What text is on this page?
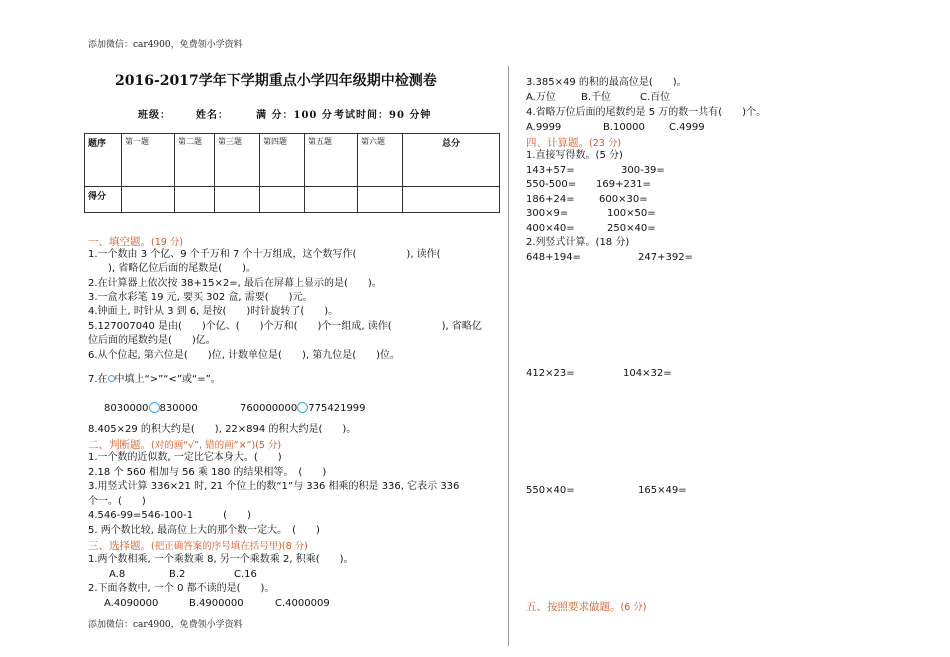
添加微信：car4900，免费领小学资料
添加微信：car4900，免费领小学资料
2016-2017学年下学期重点小学四年级期中检测卷
班级：	姓名：	满 分：100 分 考试时间：90 分钟
题序	第一题	第二题	第三题	第四题	第五题	第六题	总分
得分							
一、填空题。(19 分)
1.一个数由 3 个亿、9 个千万和 7 个十万组成，这个数写作(　　　　　), 读作(
　　), 省略亿位后面的尾数是(　　)。
2.在计算器上依次按 38+15×2=, 最后在屏幕上显示的是(　　)。
3.一盒水彩笔 19 元, 要买 302 盒, 需要(　　)元。
4.钟面上, 时针从 3 到 6, 是按(　　)时针旋转了(　　)。
5.127007040 是由(　　)个亿、(　　)个万和(　　)个一组成, 读作(　　　　　), 省略亿
位后面的尾数约是(　　)亿。
6.从个位起, 第六位是(　　)位, 计数单位是(　　), 第九位是(　　)位。
7.在 中填上“>”“<”或“=”。
8030000 830000	760000000 775421999
8.405×29 的积大约是(　　), 22×894 的积大约是(　　)。
二、判断题。(对的画“√”, 错的画“×”)(5 分)
1.一个数的近似数, 一定比它本身大。(　　)
2.18 个 560 相加与 56 乘 180 的结果相等。　(　　)
3.用竖式计算 336×21 时, 21 个位上的数“1”与 336 相乘的积是 336, 它表示 336
个一。(　　)
4.546-99=546-100-1　　　(　　)
5. 两个数比较, 最高位上大的那个数一定大。　(　　)
三、选择题。(把正确答案的序号填在括号里)(8 分)
1.两个数相乘, 一个乘数乘 8, 另一个乘数乘 2, 积乘(　　)。
A.8	B.2	C.16
2.下面各数中, 一个 0 都不读的是(　　)。
A.4090000	B.4900000	C.4000009
3.385×49 的积的最高位是(　　)。
A.万位	B.千位	C.百位
4.省略万位后面的尾数约是 5 万的数一共有(　　)个。
A.9999	B.10000 C.4999
四、计算题。(23 分)
1.直接写得数。(5 分)
143+57=	300-39=
550-500= 169+231=
186+24= 600×30=
300×9=	100×50=
400×40=	250×40=
2.列竖式计算。(18 分)
648+194=	247+392=
412×23=	104×32=
550×40=	165×49=
五、按照要求做题。(6 分)
